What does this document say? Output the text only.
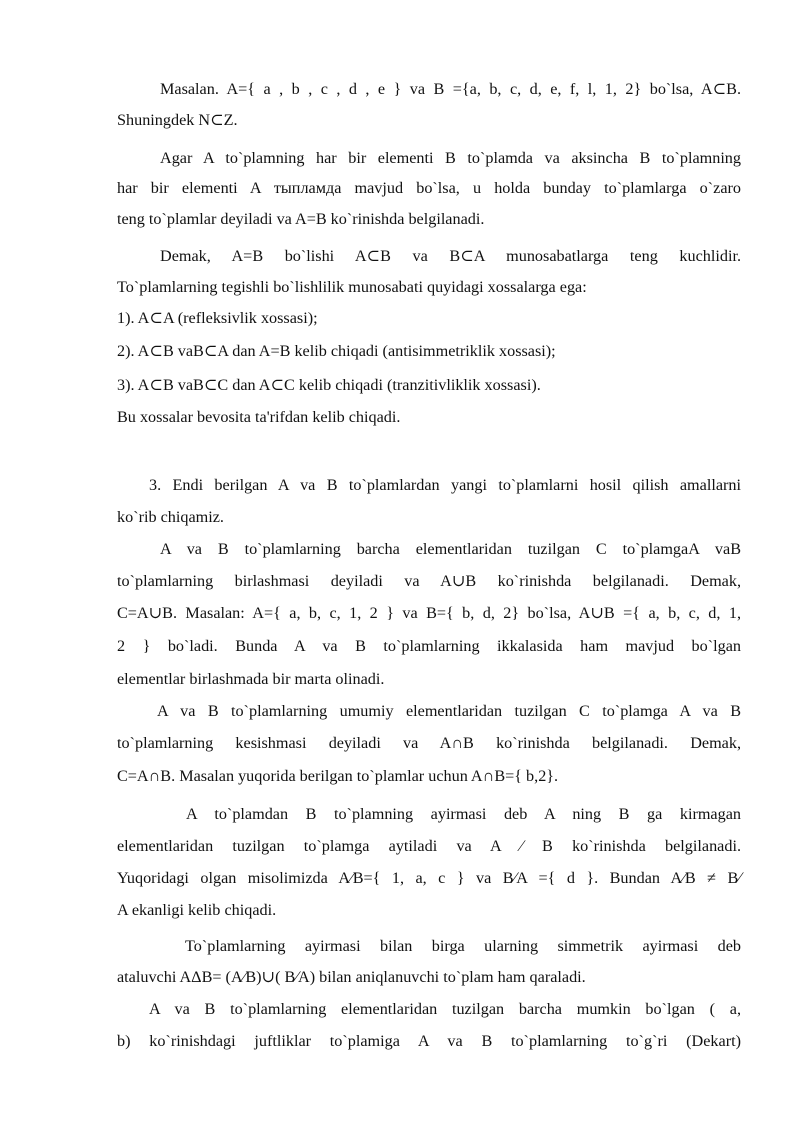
Masalan. A={ a , b , c , d , e } va B ={a, b, c, d, e, f, l, 1, 2} bo`lsa, A⊂B.
Shuningdek N⊂Z.
Agar A to`plamning har bir elementi B to`plamda va aksincha B to`plamning
har bir elementi A тыпламда mavjud bo`lsa, u holda bunday to`plamlarga o`zaro
teng to`plamlar deyiladi va A=B ko`rinishda belgilanadi.
Demak, A=B bo`lishi A⊂B va B⊂A munosabatlarga teng kuchlidir.
To`plamlarning tegishli bo`lishlilik munosabati quyidagi xossalarga ega:
1). A⊂A (refleksivlik xossasi);
2). A⊂B vaB⊂A dan A=B kelib chiqadi (antisimmetriklik xossasi);
3). A⊂B vaB⊂C dan A⊂C kelib chiqadi (tranzitivliklik xossasi).
Bu xossalar bevosita ta'rifdan kelib chiqadi.
3. Endi berilgan A va B to`plamlardan yangi to`plamlarni hosil qilish amallarni
ko`rib chiqamiz.
A va B to`plamlarning barcha elementlaridan tuzilgan C to`plamgaA vaB
to`plamlarning birlashmasi deyiladi va A∪B ko`rinishda belgilanadi. Demak,
C=A∪B. Masalan: A={ a, b, c, 1, 2 } va B={ b, d, 2} bo`lsa, A∪B ={ a, b, c, d, 1,
2 } bo`ladi. Bunda A va B to`plamlarning ikkalasida ham mavjud bo`lgan
elementlar birlashmada bir marta olinadi.
A va B to`plamlarning umumiy elementlaridan tuzilgan C to`plamga A va B
to`plamlarning kesishmasi deyiladi va A∩B ko`rinishda belgilanadi. Demak,
C=A∩B. Masalan yuqorida berilgan to`plamlar uchun A∩B={ b,2}.
A to`plamdan B to`plamning ayirmasi deb A ning B ga kirmagan
elementlaridan tuzilgan to`plamga aytiladi va A ∕ B ko`rinishda belgilanadi.
Yuqoridagi olgan misolimizda A∕B={ 1, a, c } va B∕A ={ d }. Bundan A∕B ≠ B∕
A ekanligi kelib chiqadi.
To`plamlarning ayirmasi bilan birga ularning simmetrik ayirmasi deb
ataluvchi AΔB= (A∕B)∪( B∕A) bilan aniqlanuvchi to`plam ham qaraladi.
A va B to`plamlarning elementlaridan tuzilgan barcha mumkin bo`lgan ( a,
b) ko`rinishdagi juftliklar to`plamiga A va B to`plamlarning to`g`ri (Dekart)
